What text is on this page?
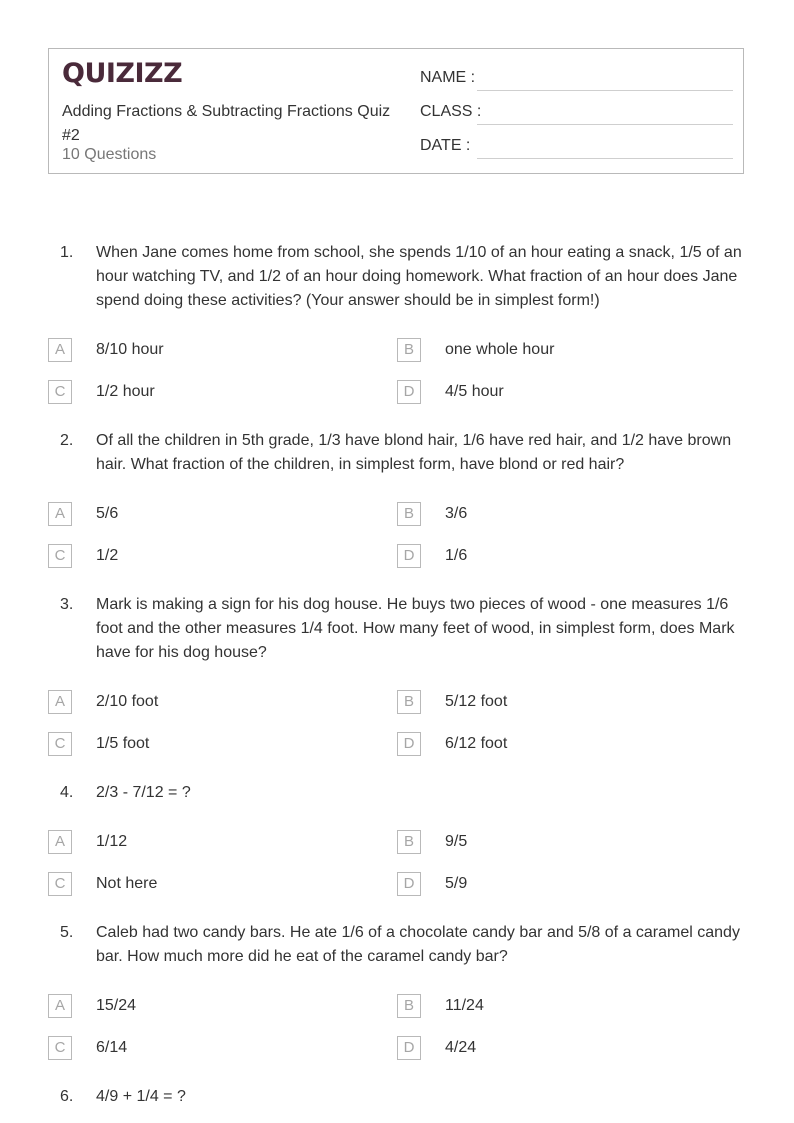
QUIZIZZ
Adding Fractions & Subtracting Fractions Quiz #2
10 Questions
NAME :
CLASS :
DATE :
1. When Jane comes home from school, she spends 1/10 of an hour eating a snack, 1/5 of an hour watching TV, and 1/2 of an hour doing homework. What fraction of an hour does Jane spend doing these activities? (Your answer should be in simplest form!)
A	8/10 hour	B	one whole hour
C	1/2 hour	D	4/5 hour
2. Of all the children in 5th grade, 1/3 have blond hair, 1/6 have red hair, and 1/2 have brown hair. What fraction of the children, in simplest form, have blond or red hair?
A	5/6	B	3/6
C	1/2	D	1/6
3. Mark is making a sign for his dog house. He buys two pieces of wood - one measures 1/6 foot and the other measures 1/4 foot. How many feet of wood, in simplest form, does Mark have for his dog house?
A	2/10 foot	B	5/12 foot
C	1/5 foot	D	6/12 foot
4. 2/3 - 7/12 = ?
A	1/12	B	9/5
C	Not here	D	5/9
5. Caleb had two candy bars. He ate 1/6 of a chocolate candy bar and 5/8 of a caramel candy bar. How much more did he eat of the caramel candy bar?
A	15/24	B	11/24
C	6/14	D	4/24
6. 4/9 + 1/4 = ?
